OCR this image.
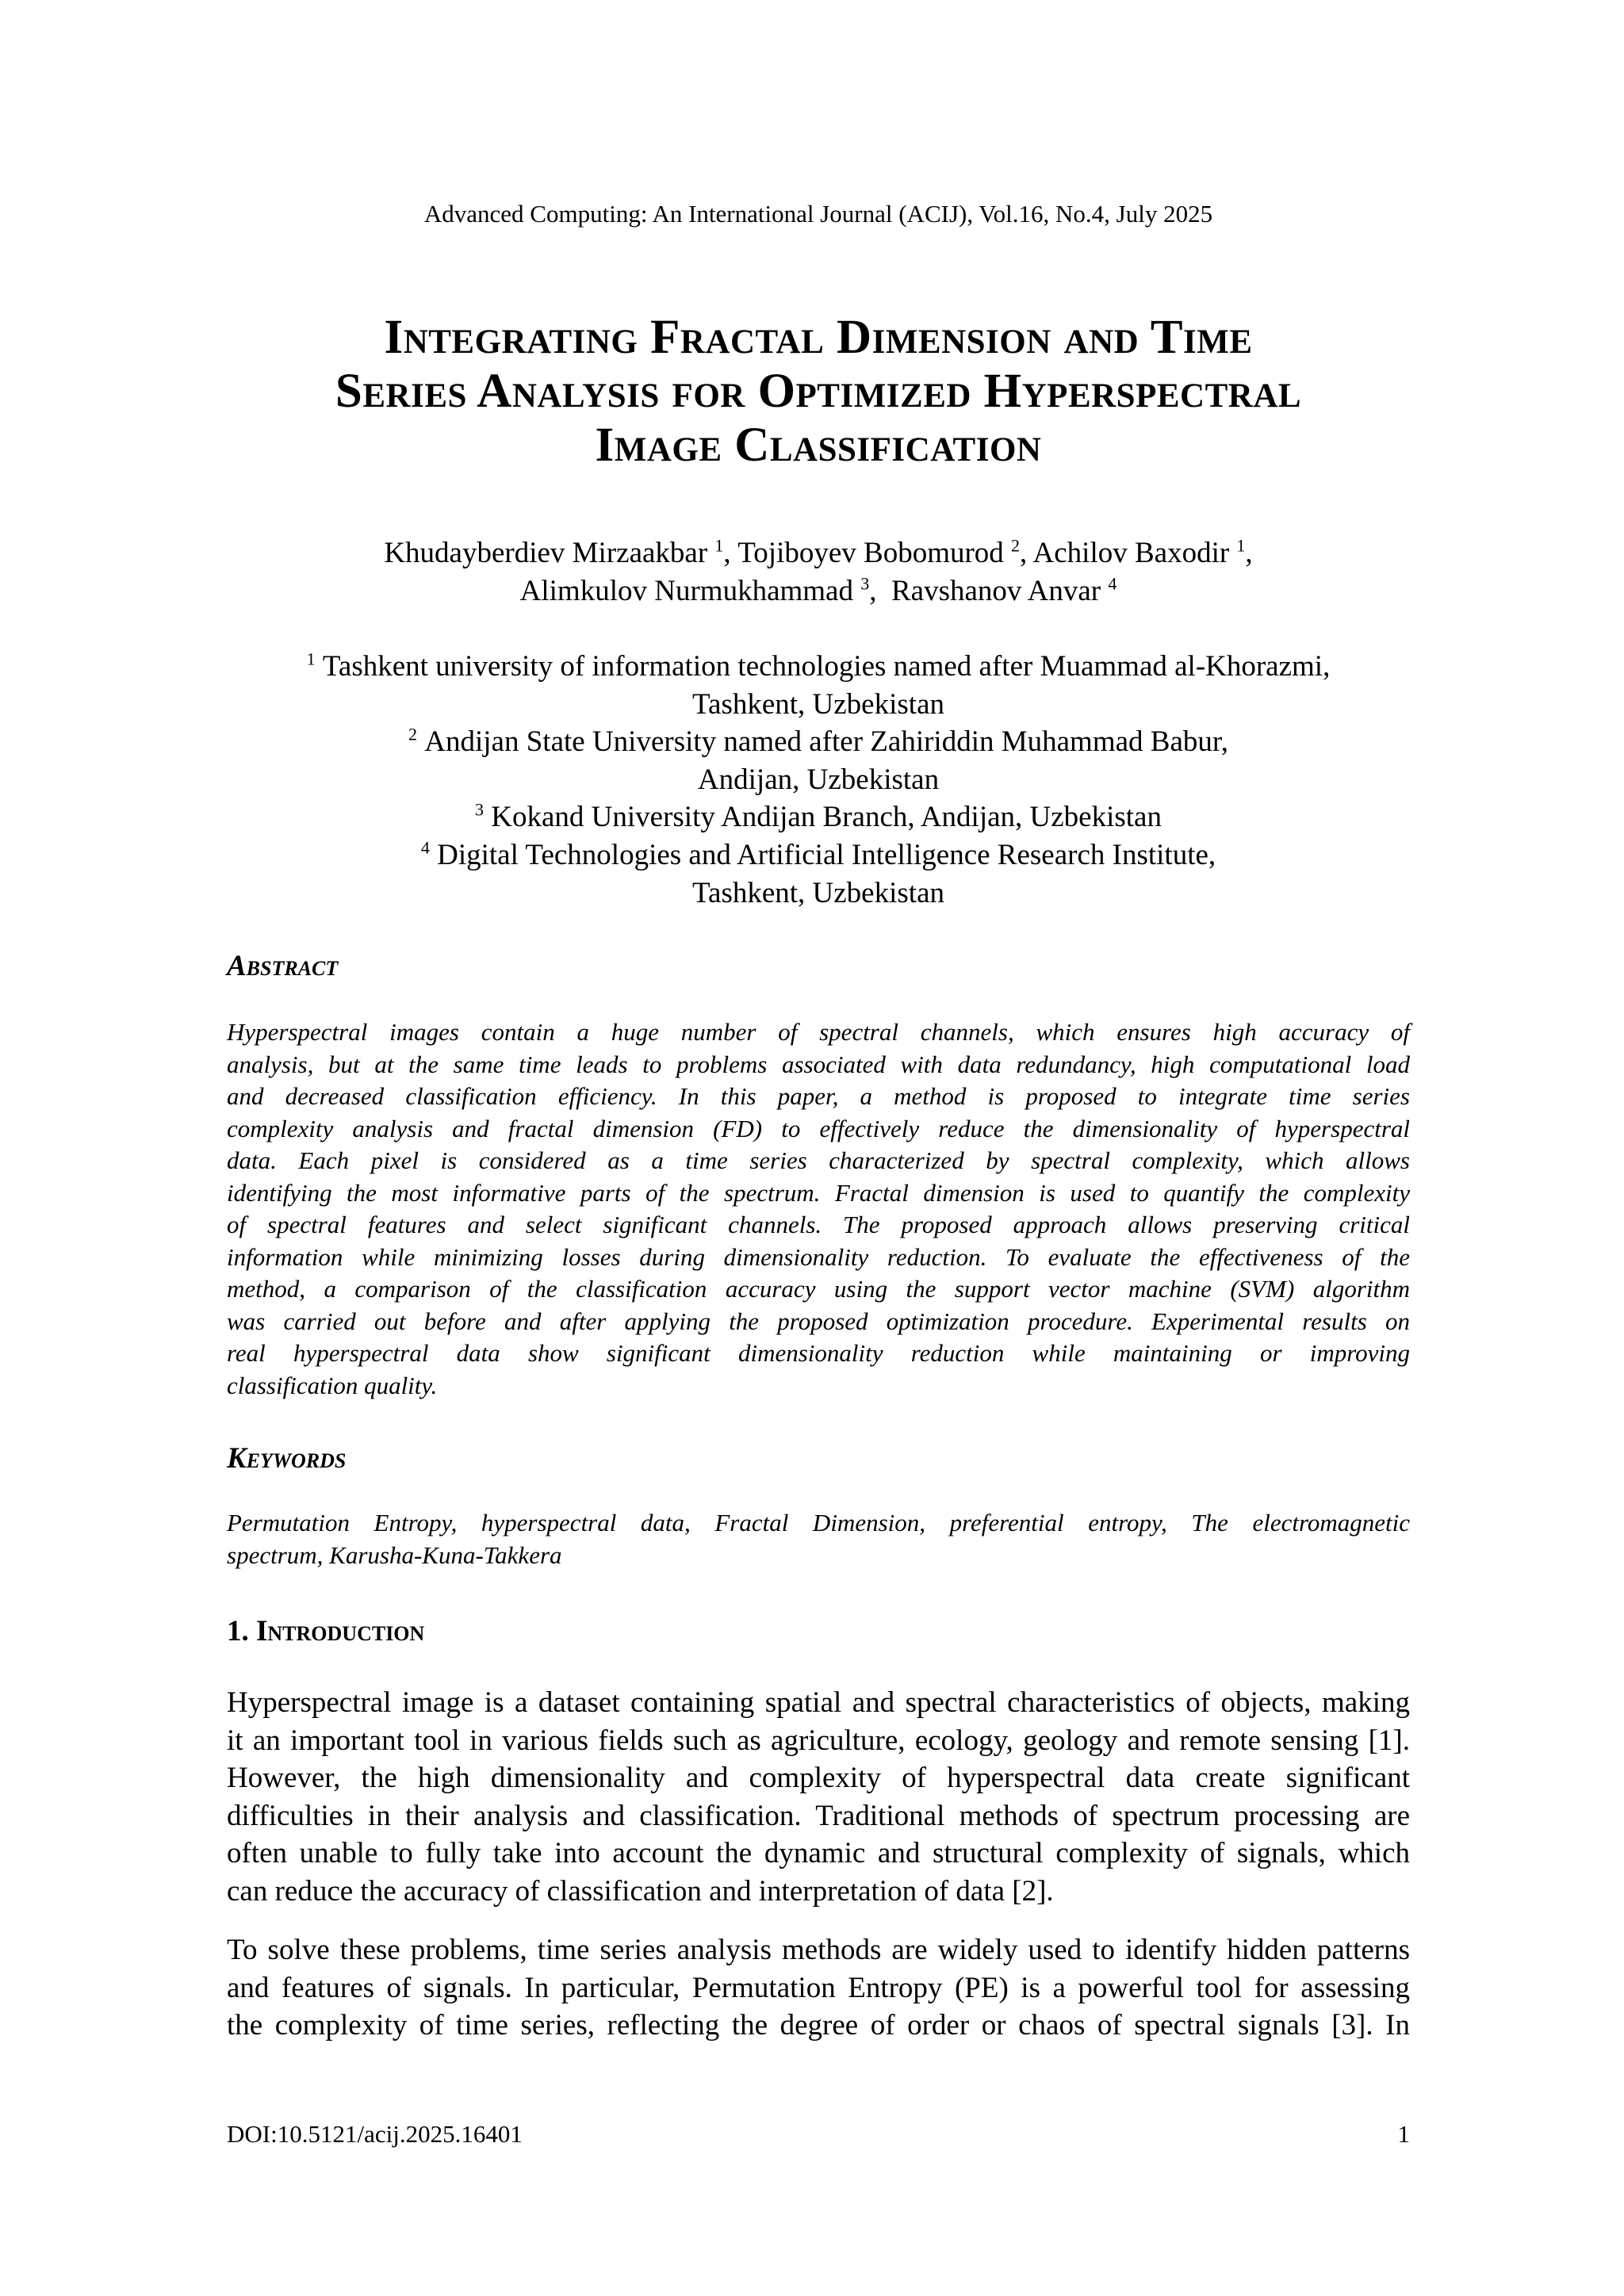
Advanced Computing: An International Journal (ACIJ), Vol.16, No.4, July 2025
Integrating Fractal Dimension and Time
Series Analysis for Optimized Hyperspectral
Image Classification
Khudayberdiev Mirzaakbar $^1$, Tojiboyev Bobomurod $^2$, Achilov Baxodir $^1$,
Alimkulov Nurmukhammad $^3$,  Ravshanov Anvar $^4$
$^1$ Tashkent university of information technologies named after Muammad al-Khorazmi,
Tashkent, Uzbekistan
$^2$ Andijan State University named after Zahiriddin Muhammad Babur,
Andijan, Uzbekistan
$^3$ Kokand University Andijan Branch, Andijan, Uzbekistan
$^4$ Digital Technologies and Artificial Intelligence Research Institute,
Tashkent, Uzbekistan
Abstract
Hyperspectral images contain a huge number of spectral channels, which ensures high accuracy of
analysis, but at the same time leads to problems associated with data redundancy, high computational load
and decreased classification efficiency. In this paper, a method is proposed to integrate time series
complexity analysis and fractal dimension (FD) to effectively reduce the dimensionality of hyperspectral
data. Each pixel is considered as a time series characterized by spectral complexity, which allows
identifying the most informative parts of the spectrum. Fractal dimension is used to quantify the complexity
of spectral features and select significant channels. The proposed approach allows preserving critical
information while minimizing losses during dimensionality reduction. To evaluate the effectiveness of the
method, a comparison of the classification accuracy using the support vector machine (SVM) algorithm
was carried out before and after applying the proposed optimization procedure. Experimental results on
real hyperspectral data show significant dimensionality reduction while maintaining or improving
classification quality.
Keywords
Permutation Entropy, hyperspectral data, Fractal Dimension, preferential entropy, The electromagnetic
spectrum, Karusha-Kuna-Takkera
1. Introduction
Hyperspectral image is a dataset containing spatial and spectral characteristics of objects, making
it an important tool in various fields such as agriculture, ecology, geology and remote sensing [1].
However, the high dimensionality and complexity of hyperspectral data create significant
difficulties in their analysis and classification. Traditional methods of spectrum processing are
often unable to fully take into account the dynamic and structural complexity of signals, which
can reduce the accuracy of classification and interpretation of data [2].
To solve these problems, time series analysis methods are widely used to identify hidden patterns
and features of signals. In particular, Permutation Entropy (PE) is a powerful tool for assessing
the complexity of time series, reflecting the degree of order or chaos of spectral signals [3]. In
DOI:10.5121/acij.2025.16401	1
